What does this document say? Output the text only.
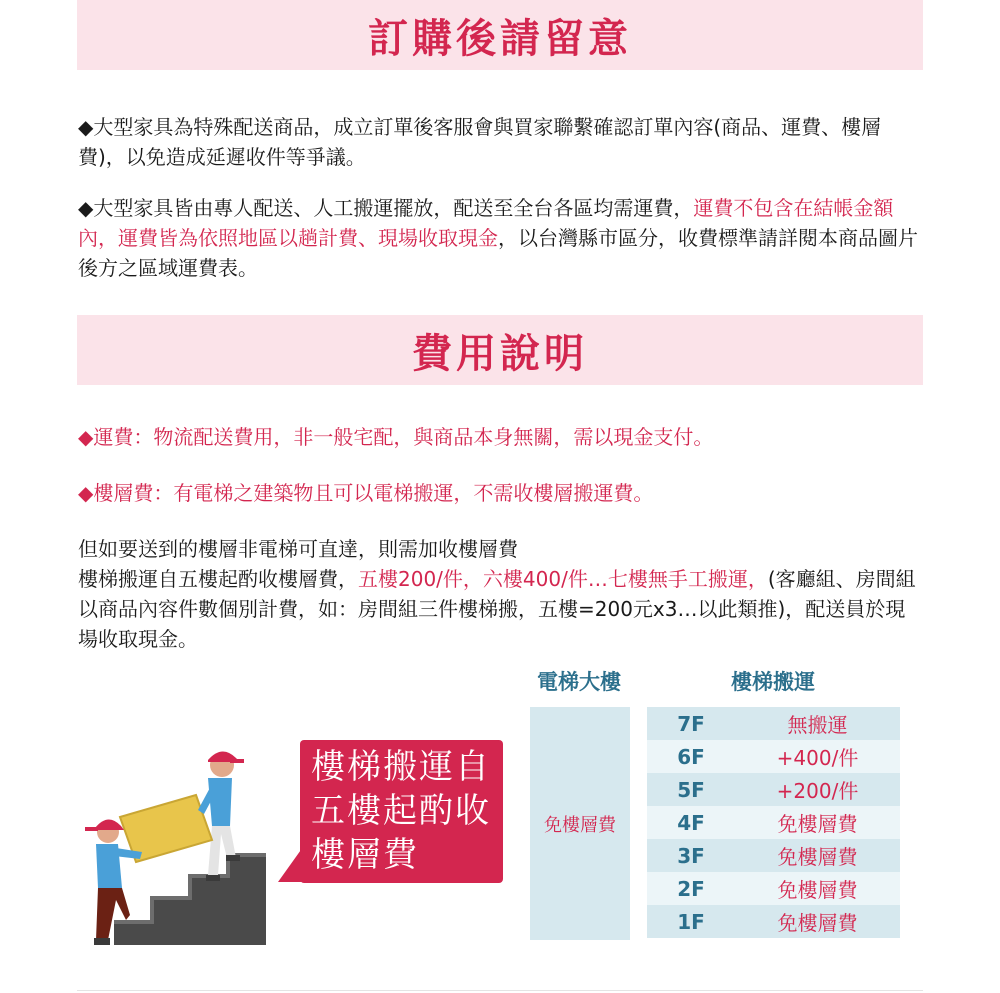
訂購後請留意

◆大型家具為特殊配送商品，成立訂單後客服會與買家聯繫確認訂單內容(商品、運費、樓層費)，以免造成延遲收件等爭議。

◆大型家具皆由專人配送、人工搬運擺放，配送至全台各區均需運費，運費不包含在結帳金額內，運費皆為依照地區以趟計費、現場收取現金，以台灣縣市區分，收費標準請詳閱本商品圖片後方之區域運費表。

費用說明

◆運費：物流配送費用，非一般宅配，與商品本身無關，需以現金支付。

◆樓層費：有電梯之建築物且可以電梯搬運，不需收樓層搬運費。

但如要送到的樓層非電梯可直達，則需加收樓層費

樓梯搬運自五樓起酌收樓層費，五樓200/件，六樓400/件…七樓無手工搬運，(客廳組、房間組以商品內容件數個別計費，如：房間組三件樓梯搬，五樓=200元x3…以此類推)，配送員於現場收取現金。

電梯大樓	樓梯搬運
免樓層費
7F	無搬運
6F	+400/件
5F	+200/件
4F	免樓層費
3F	免樓層費
2F	免樓層費
1F	免樓層費

樓梯搬運自

五樓起酌收

樓層費
